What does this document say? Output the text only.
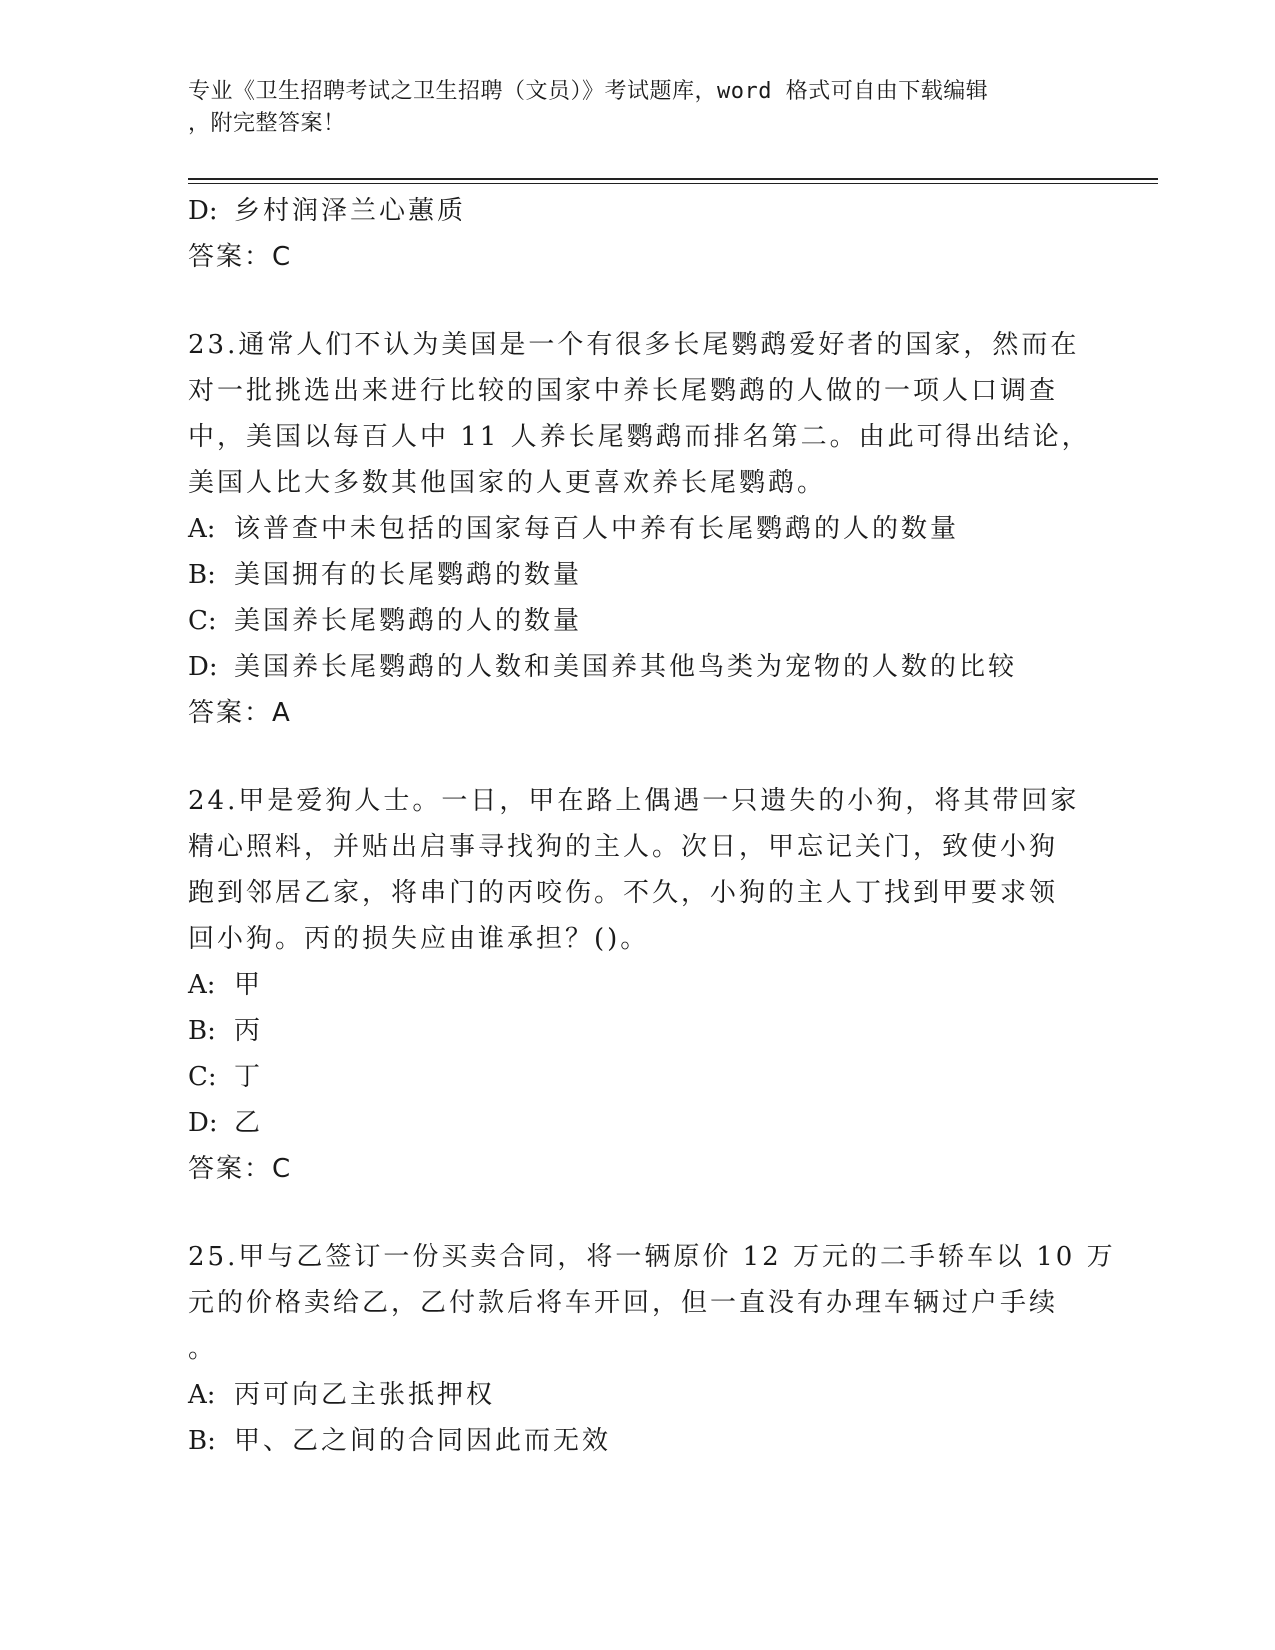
专业《卫生招聘考试之卫生招聘（文员）》考试题库，word 格式可自由下载编辑
，附完整答案！
D: 乡村润泽兰心蕙质
答案：C
23.通常人们不认为美国是一个有很多长尾鹦鹉爱好者的国家，然而在
对一批挑选出来进行比较的国家中养长尾鹦鹉的人做的一项人口调查
中，美国以每百人中 11 人养长尾鹦鹉而排名第二。由此可得出结论，
美国人比大多数其他国家的人更喜欢养长尾鹦鹉。
A: 该普查中未包括的国家每百人中养有长尾鹦鹉的人的数量
B: 美国拥有的长尾鹦鹉的数量
C: 美国养长尾鹦鹉的人的数量
D: 美国养长尾鹦鹉的人数和美国养其他鸟类为宠物的人数的比较
答案：A
24.甲是爱狗人士。一日，甲在路上偶遇一只遗失的小狗，将其带回家
精心照料，并贴出启事寻找狗的主人。次日，甲忘记关门，致使小狗
跑到邻居乙家，将串门的丙咬伤。不久，小狗的主人丁找到甲要求领
回小狗。丙的损失应由谁承担？()。
A: 甲
B: 丙
C: 丁
D: 乙
答案：C
25.甲与乙签订一份买卖合同，将一辆原价 12 万元的二手轿车以 10 万
元的价格卖给乙，乙付款后将车开回，但一直没有办理车辆过户手续
。
A: 丙可向乙主张抵押权
B: 甲、乙之间的合同因此而无效
